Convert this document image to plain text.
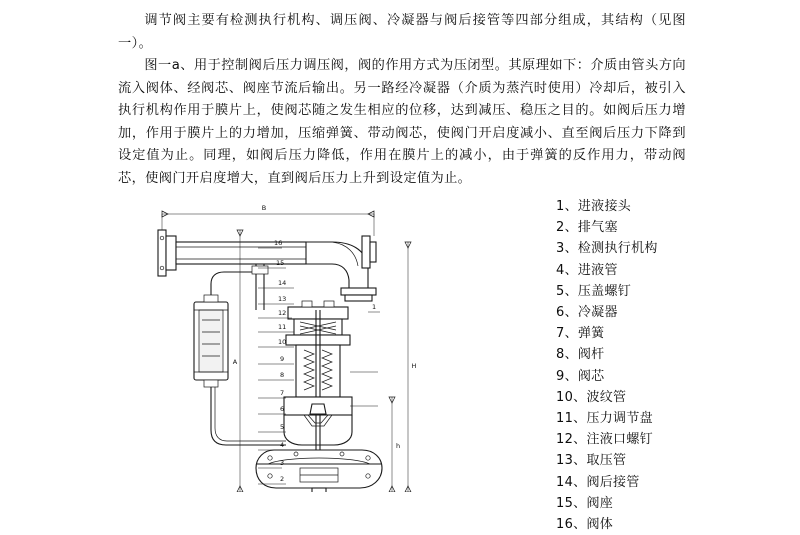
调节阀主要有检测执行机构、调压阀、冷凝器与阀后接管等四部分组成，其结构（见图一）。

图一a、用于控制阀后压力调压阀，阀的作用方式为压闭型。其原理如下：介质由管头方向流入阀体、经阀芯、阀座节流后输出。另一路经冷凝器（介质为蒸汽时使用）冷却后，被引入执行机构作用于膜片上，使阀芯随之发生相应的位移，达到减压、稳压之目的。如阀后压力增加，作用于膜片上的力增加，压缩弹簧、带动阀芯，使阀门开启度减小、直至阀后压力下降到设定值为止。同理，如阀后压力降低，作用在膜片上的减小，由于弹簧的反作用力，带动阀芯，使阀门开启度增大，直到阀后压力上升到设定值为止。

B
A	H
h
16
15
14
13
12
11
10
9
8
7
6
5
4
3
2
1
1、进液接头
2、排气塞
3、检测执行机构
4、进液管
5、压盖螺钉
6、冷凝器
7、弹簧
8、阀杆
9、阀芯
10、波纹管
11、压力调节盘
12、注液口螺钉
13、取压管
14、阀后接管
15、阀座
16、阀体
